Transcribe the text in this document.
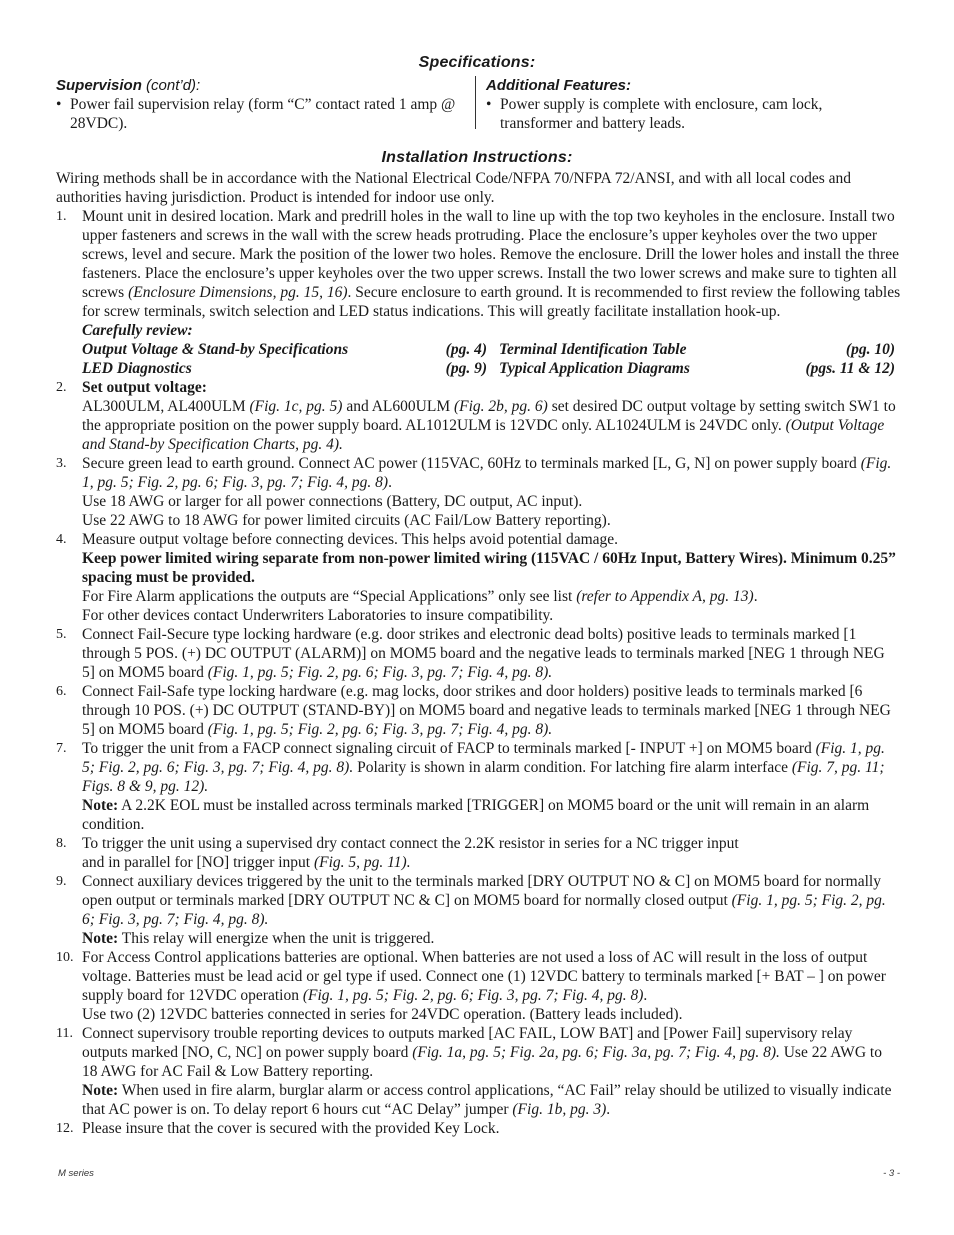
Specifications:
Supervision (cont’d):
• Power fail supervision relay (form “C” contact rated 1 amp @ 28VDC).
Additional Features:
• Power supply is complete with enclosure, cam lock, transformer and battery leads.
Installation Instructions:

Wiring methods shall be in accordance with the National Electrical Code/NFPA 70/NFPA 72/ANSI, and with all local codes and authorities having jurisdiction. Product is intended for indoor use only.

1. Mount unit in desired location. Mark and predrill holes in the wall to line up with the top two keyholes in the enclosure. Install two upper fasteners and screws in the wall with the screw heads protruding. Place the enclosure’s upper keyholes over the two upper screws, level and secure. Mark the position of the lower two holes. Remove the enclosure. Drill the lower holes and install the three fasteners. Place the enclosure’s upper keyholes over the two upper screws. Install the two lower screws and make sure to tighten all screws (Enclosure Dimensions, pg. 15, 16). Secure enclosure to earth ground. It is recommended to first review the following tables for screw terminals, switch selection and LED status indications. This will greatly facilitate installation hook-up.
Carefully review:
Output Voltage & Stand-by Specifications	(pg. 4) Terminal Identification Table	(pg. 10)
LED Diagnostics	(pg. 9) Typical Application Diagrams	(pgs. 11 & 12)
2. Set output voltage:
AL300ULM, AL400ULM (Fig. 1c, pg. 5) and AL600ULM (Fig. 2b, pg. 6) set desired DC output voltage by setting switch SW1 to the appropriate position on the power supply board. AL1012ULM is 12VDC only. AL1024ULM is 24VDC only. (Output Voltage and Stand-by Specification Charts, pg. 4).
3. Secure green lead to earth ground. Connect AC power (115VAC, 60Hz to terminals marked [L, G, N] on power supply board (Fig. 1, pg. 5; Fig. 2, pg. 6; Fig. 3, pg. 7; Fig. 4, pg. 8).
Use 18 AWG or larger for all power connections (Battery, DC output, AC input).
Use 22 AWG to 18 AWG for power limited circuits (AC Fail/Low Battery reporting).
4. Measure output voltage before connecting devices. This helps avoid potential damage.
Keep power limited wiring separate from non-power limited wiring (115VAC / 60Hz Input, Battery Wires). Minimum 0.25” spacing must be provided.
For Fire Alarm applications the outputs are “Special Applications” only see list (refer to Appendix A, pg. 13).
For other devices contact Underwriters Laboratories to insure compatibility.
5. Connect Fail-Secure type locking hardware (e.g. door strikes and electronic dead bolts) positive leads to terminals marked [1 through 5 POS. (+) DC OUTPUT (ALARM)] on MOM5 board and the negative leads to terminals marked [NEG 1 through NEG 5] on MOM5 board (Fig. 1, pg. 5; Fig. 2, pg. 6; Fig. 3, pg. 7; Fig. 4, pg. 8).
6. Connect Fail-Safe type locking hardware (e.g. mag locks, door strikes and door holders) positive leads to terminals marked [6 through 10 POS. (+) DC OUTPUT (STAND-BY)] on MOM5 board and negative leads to terminals marked [NEG 1 through NEG 5] on MOM5 board (Fig. 1, pg. 5; Fig. 2, pg. 6; Fig. 3, pg. 7; Fig. 4, pg. 8).
7. To trigger the unit from a FACP connect signaling circuit of FACP to terminals marked [- INPUT +] on MOM5 board (Fig. 1, pg. 5; Fig. 2, pg. 6; Fig. 3, pg. 7; Fig. 4, pg. 8). Polarity is shown in alarm condition. For latching fire alarm interface (Fig. 7, pg. 11; Figs. 8 & 9, pg. 12).
Note: A 2.2K EOL must be installed across terminals marked [TRIGGER] on MOM5 board or the unit will remain in an alarm condition.
8. To trigger the unit using a supervised dry contact connect the 2.2K resistor in series for a NC trigger input
and in parallel for [NO] trigger input (Fig. 5, pg. 11).
9. Connect auxiliary devices triggered by the unit to the terminals marked [DRY OUTPUT NO & C] on MOM5 board for normally open output or terminals marked [DRY OUTPUT NC & C] on MOM5 board for normally closed output (Fig. 1, pg. 5; Fig. 2, pg. 6; Fig. 3, pg. 7; Fig. 4, pg. 8).
Note: This relay will energize when the unit is triggered.
10. For Access Control applications batteries are optional. When batteries are not used a loss of AC will result in the loss of output voltage. Batteries must be lead acid or gel type if used. Connect one (1) 12VDC battery to terminals marked [+ BAT – ] on power supply board for 12VDC operation (Fig. 1, pg. 5; Fig. 2, pg. 6; Fig. 3, pg. 7; Fig. 4, pg. 8).
Use two (2) 12VDC batteries connected in series for 24VDC operation. (Battery leads included).
11. Connect supervisory trouble reporting devices to outputs marked [AC FAIL, LOW BAT] and [Power Fail] supervisory relay outputs marked [NO, C, NC] on power supply board (Fig. 1a, pg. 5; Fig. 2a, pg. 6; Fig. 3a, pg. 7; Fig. 4, pg. 8). Use 22 AWG to 18 AWG for AC Fail & Low Battery reporting.
Note: When used in fire alarm, burglar alarm or access control applications, “AC Fail” relay should be utilized to visually indicate that AC power is on. To delay report 6 hours cut “AC Delay” jumper (Fig. 1b, pg. 3).
12. Please insure that the cover is secured with the provided Key Lock.
M series	- 3 -
